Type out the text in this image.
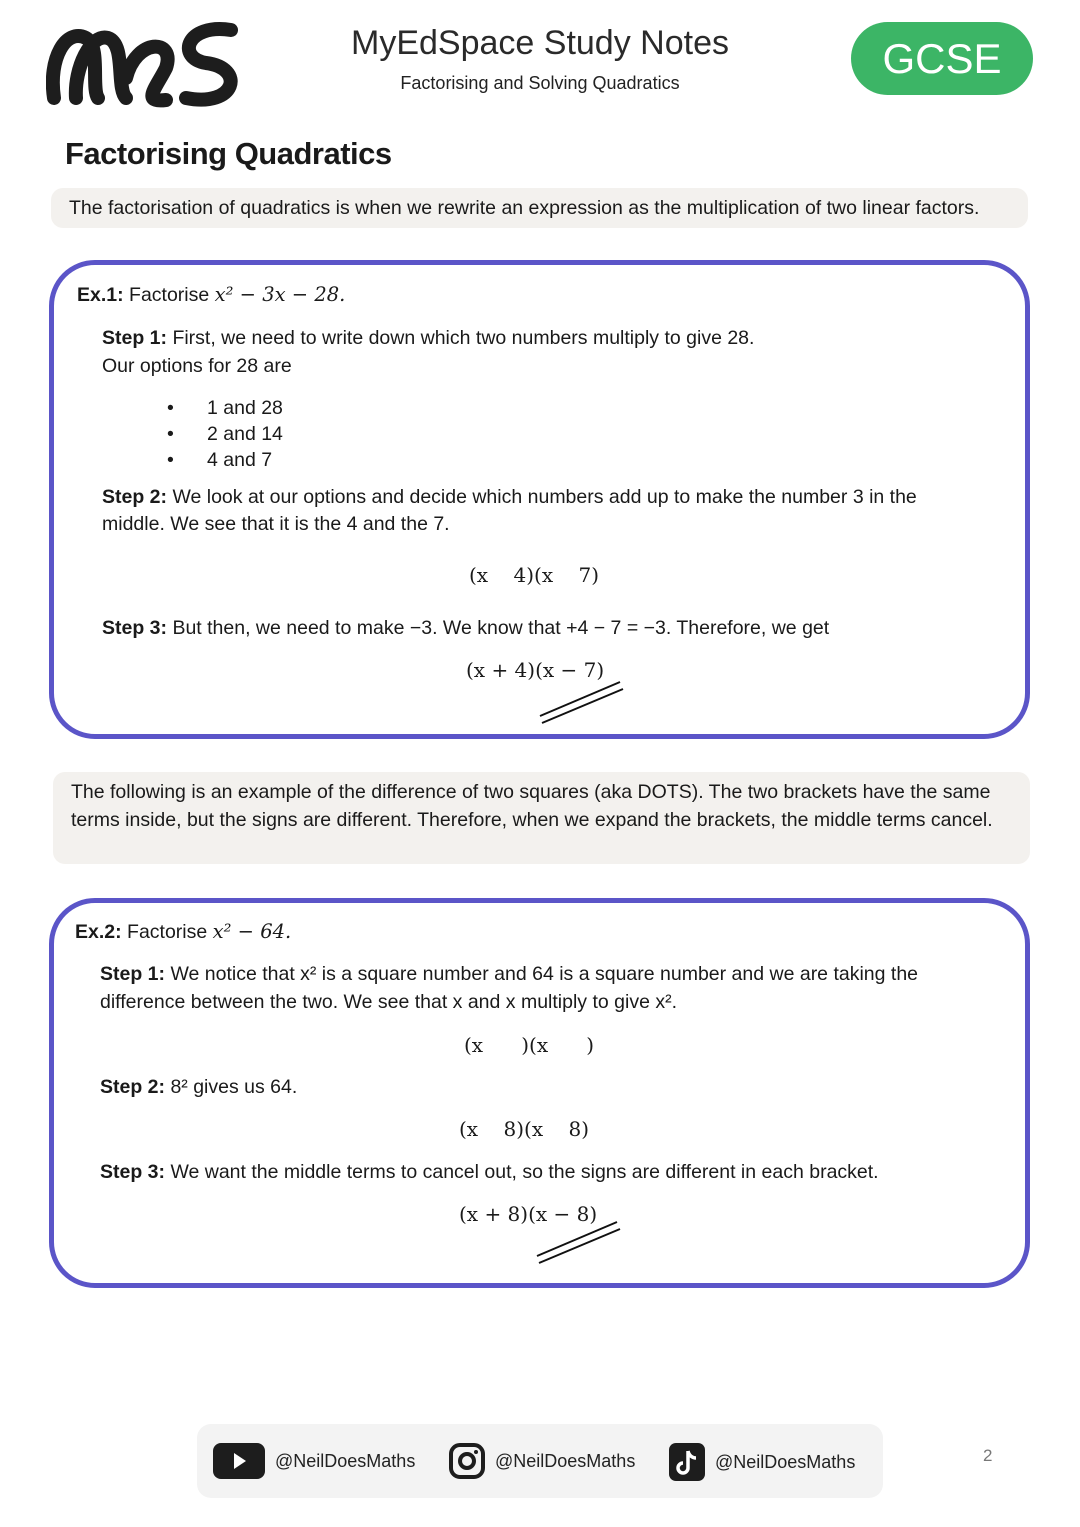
MyEdSpace Study Notes
Factorising and Solving Quadratics
GCSE
Factorising Quadratics
The factorisation of quadratics is when we rewrite an expression as the multiplication of two linear factors.
Ex.1: Factorise x² − 3x − 28.
Step 1: First, we need to write down which two numbers multiply to give 28.
Our options for 28 are
• 1 and 28
• 2 and 14
• 4 and 7
Step 2: We look at our options and decide which numbers add up to make the number 3 in the
middle. We see that it is the 4 and the 7.
(x    4)(x    7)
Step 3: But then, we need to make −3. We know that +4 − 7 = −3. Therefore, we get
(x + 4)(x − 7)
The following is an example of the difference of two squares (aka DOTS). The two brackets have the same terms inside, but the signs are different. Therefore, when we expand the brackets, the middle terms cancel.
Ex.2: Factorise x² − 64.
Step 1: We notice that x² is a square number and 64 is a square number and we are taking the
difference between the two. We see that x and x multiply to give x².
(x      )(x      )
Step 2: 8² gives us 64.
(x    8)(x    8)
Step 3: We want the middle terms to cancel out, so the signs are different in each bracket.
(x + 8)(x − 8)
@NeilDoesMaths	@NeilDoesMaths	@NeilDoesMaths	2
